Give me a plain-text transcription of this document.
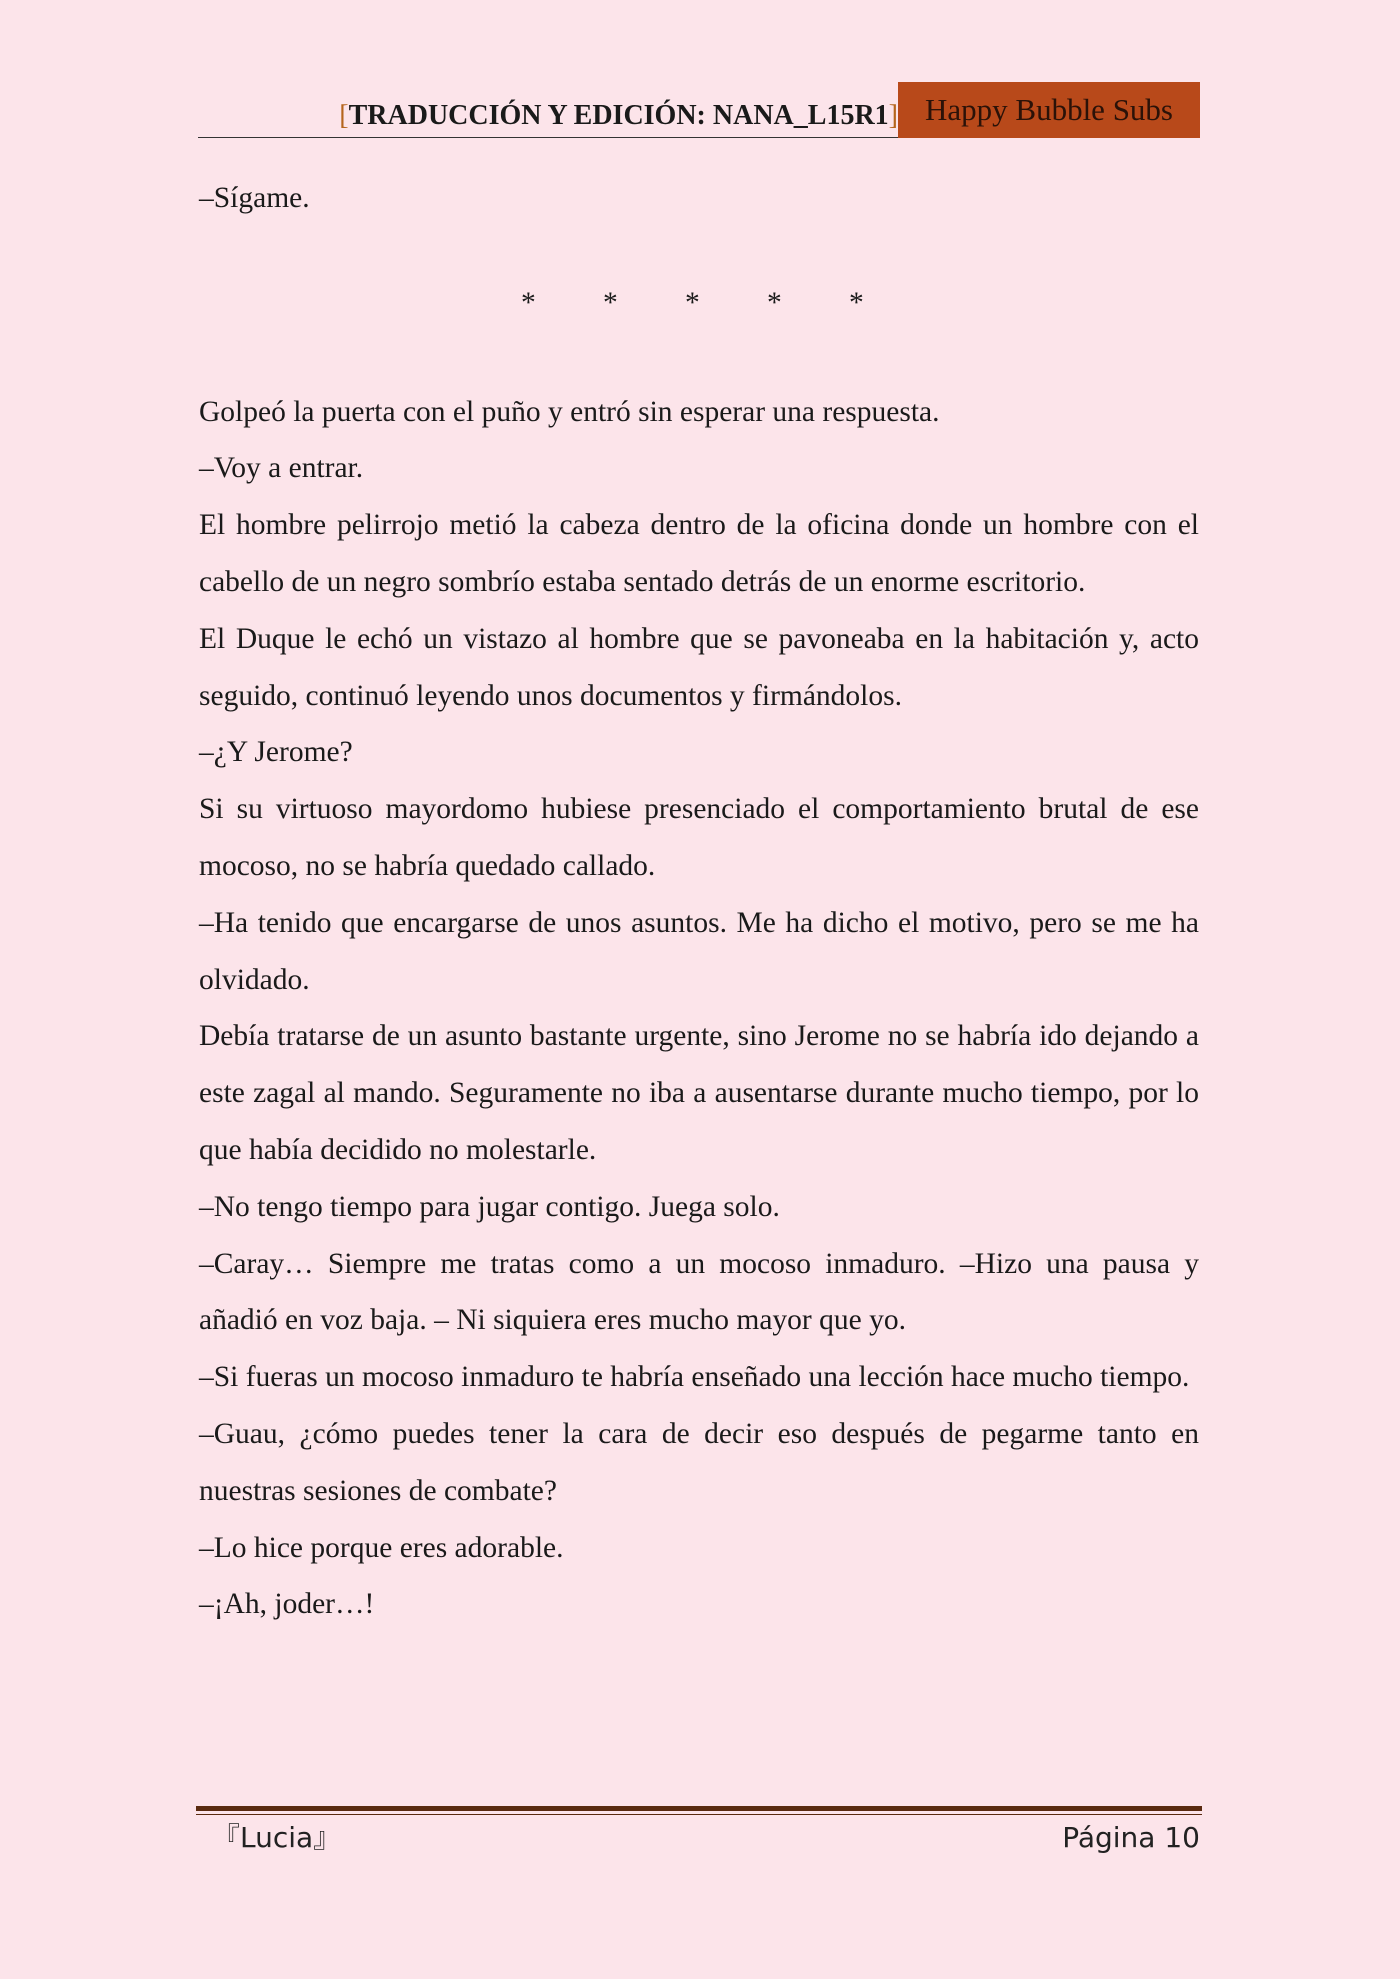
[TRADUCCIÓN Y EDICIÓN: NANA_L15R1] Happy Bubble Subs

–Sígame.

* * * * *

Golpeó la puerta con el puño y entró sin esperar una respuesta.

–Voy a entrar.

El hombre pelirrojo metió la cabeza dentro de la oficina donde un hombre con el cabello de un negro sombrío estaba sentado detrás de un enorme escritorio.

El Duque le echó un vistazo al hombre que se pavoneaba en la habitación y, acto seguido, continuó leyendo unos documentos y firmándolos.

–¿Y Jerome?

Si su virtuoso mayordomo hubiese presenciado el comportamiento brutal de ese mocoso, no se habría quedado callado.

–Ha tenido que encargarse de unos asuntos. Me ha dicho el motivo, pero se me ha olvidado.

Debía tratarse de un asunto bastante urgente, sino Jerome no se habría ido dejando a este zagal al mando. Seguramente no iba a ausentarse durante mucho tiempo, por lo que había decidido no molestarle.

–No tengo tiempo para jugar contigo. Juega solo.

–Caray… Siempre me tratas como a un mocoso inmaduro. –Hizo una pausa y añadió en voz baja. – Ni siquiera eres mucho mayor que yo.

–Si fueras un mocoso inmaduro te habría enseñado una lección hace mucho tiempo.

–Guau, ¿cómo puedes tener la cara de decir eso después de pegarme tanto en nuestras sesiones de combate?

–Lo hice porque eres adorable.

–¡Ah, joder…!

『Lucia』	Página 10
